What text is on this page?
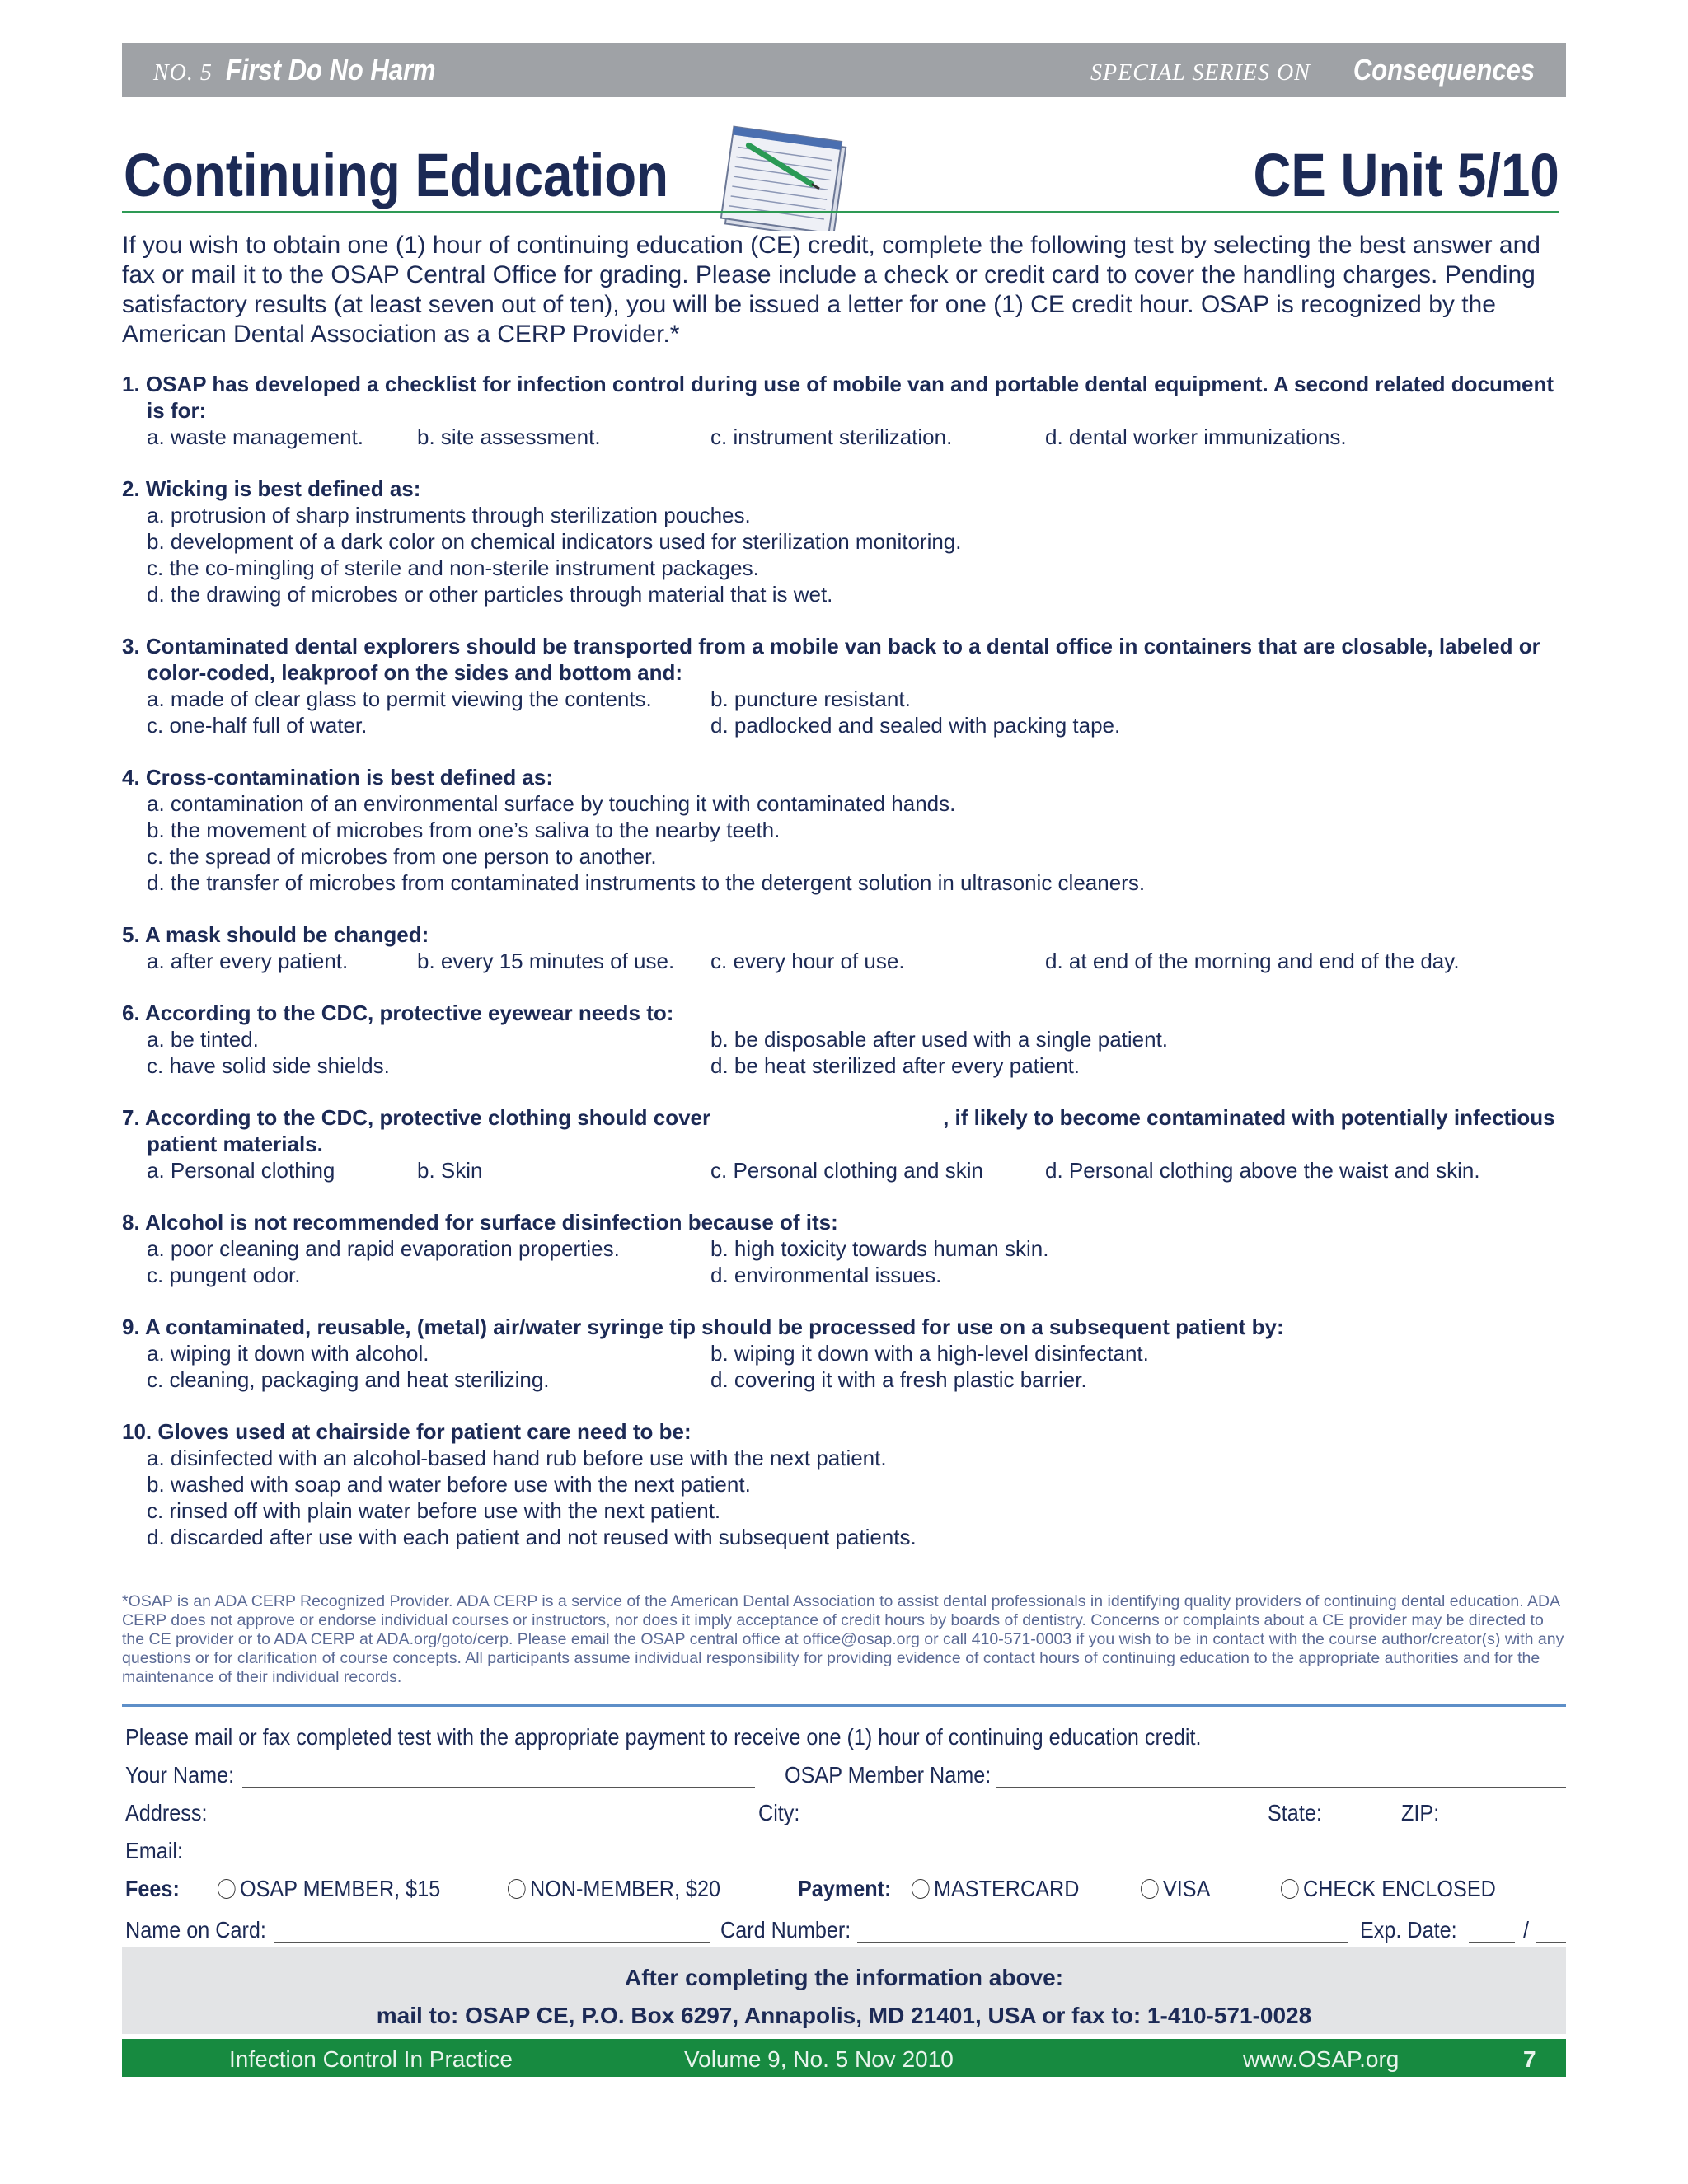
NO. 5 First Do No Harm	SPECIAL SERIES ON Consequences
Continuing Education	CE Unit 5/10
If you wish to obtain one (1) hour of continuing education (CE) credit, complete the following test by selecting the best answer and fax or mail it to the OSAP Central Office for grading. Please include a check or credit card to cover the handling charges. Pending satisfactory results (at least seven out of ten), you will be issued a letter for one (1) CE credit hour. OSAP is recognized by the American Dental Association as a CERP Provider.*
1. OSAP has developed a checklist for infection control during use of mobile van and portable dental equipment. A second related document is for:
a. waste management. b. site assessment.	c. instrument sterilization.	d. dental worker immunizations.
2. Wicking is best defined as:
a. protrusion of sharp instruments through sterilization pouches.
b. development of a dark color on chemical indicators used for sterilization monitoring.
c. the co-mingling of sterile and non-sterile instrument packages.
d. the drawing of microbes or other particles through material that is wet.
3. Contaminated dental explorers should be transported from a mobile van back to a dental office in containers that are closable, labeled or color-coded, leakproof on the sides and bottom and:
a. made of clear glass to permit viewing the contents.	b. puncture resistant.
c. one-half full of water.	d. padlocked and sealed with packing tape.
4. Cross-contamination is best defined as:
a. contamination of an environmental surface by touching it with contaminated hands.
b. the movement of microbes from one’s saliva to the nearby teeth.
c. the spread of microbes from one person to another.
d. the transfer of microbes from contaminated instruments to the detergent solution in ultrasonic cleaners.
5. A mask should be changed:
a. after every patient.	b. every 15 minutes of use. c. every hour of use.	d. at end of the morning and end of the day.
6. According to the CDC, protective eyewear needs to:
a. be tinted.	b. be disposable after used with a single patient.
c. have solid side shields.	d. be heat sterilized after every patient.
7. According to the CDC, protective clothing should cover ___________________, if likely to become contaminated with potentially infectious patient materials.
a. Personal clothing	b. Skin	c. Personal clothing and skin	d. Personal clothing above the waist and skin.
8. Alcohol is not recommended for surface disinfection because of its:
a. poor cleaning and rapid evaporation properties.	b. high toxicity towards human skin.
c. pungent odor.	d. environmental issues.
9. A contaminated, reusable, (metal) air/water syringe tip should be processed for use on a subsequent patient by:
a. wiping it down with alcohol.	b. wiping it down with a high-level disinfectant.
c. cleaning, packaging and heat sterilizing.	d. covering it with a fresh plastic barrier.
10. Gloves used at chairside for patient care need to be:
a. disinfected with an alcohol-based hand rub before use with the next patient.
b. washed with soap and water before use with the next patient.
c. rinsed off with plain water before use with the next patient.
d. discarded after use with each patient and not reused with subsequent patients.
*OSAP is an ADA CERP Recognized Provider. ADA CERP is a service of the American Dental Association to assist dental professionals in identifying quality providers of continuing dental education. ADA CERP does not approve or endorse individual courses or instructors, nor does it imply acceptance of credit hours by boards of dentistry. Concerns or complaints about a CE provider may be directed to the CE provider or to ADA CERP at ADA.org/goto/cerp. Please email the OSAP central office at office@osap.org or call 410-571-0003 if you wish to be in contact with the course author/creator(s) with any questions or for clarification of course concepts. All participants assume individual responsibility for providing evidence of contact hours of continuing education to the appropriate authorities and for the maintenance of their individual records.
Please mail or fax completed test with the appropriate payment to receive one (1) hour of continuing education credit.
Your Name:	OSAP Member Name:
Address:	City:	State:	ZIP:
Email:
Fees:	OSAP MEMBER, $15	NON-MEMBER, $20	Payment:	MASTERCARD	VISA	CHECK ENCLOSED
Name on Card:	Card Number:	Exp. Date:	/
After completing the information above:
mail to: OSAP CE, P.O. Box 6297, Annapolis, MD 21401, USA or fax to: 1-410-571-0028
Infection Control In Practice	Volume 9, No. 5 Nov 2010	www.OSAP.org	7
